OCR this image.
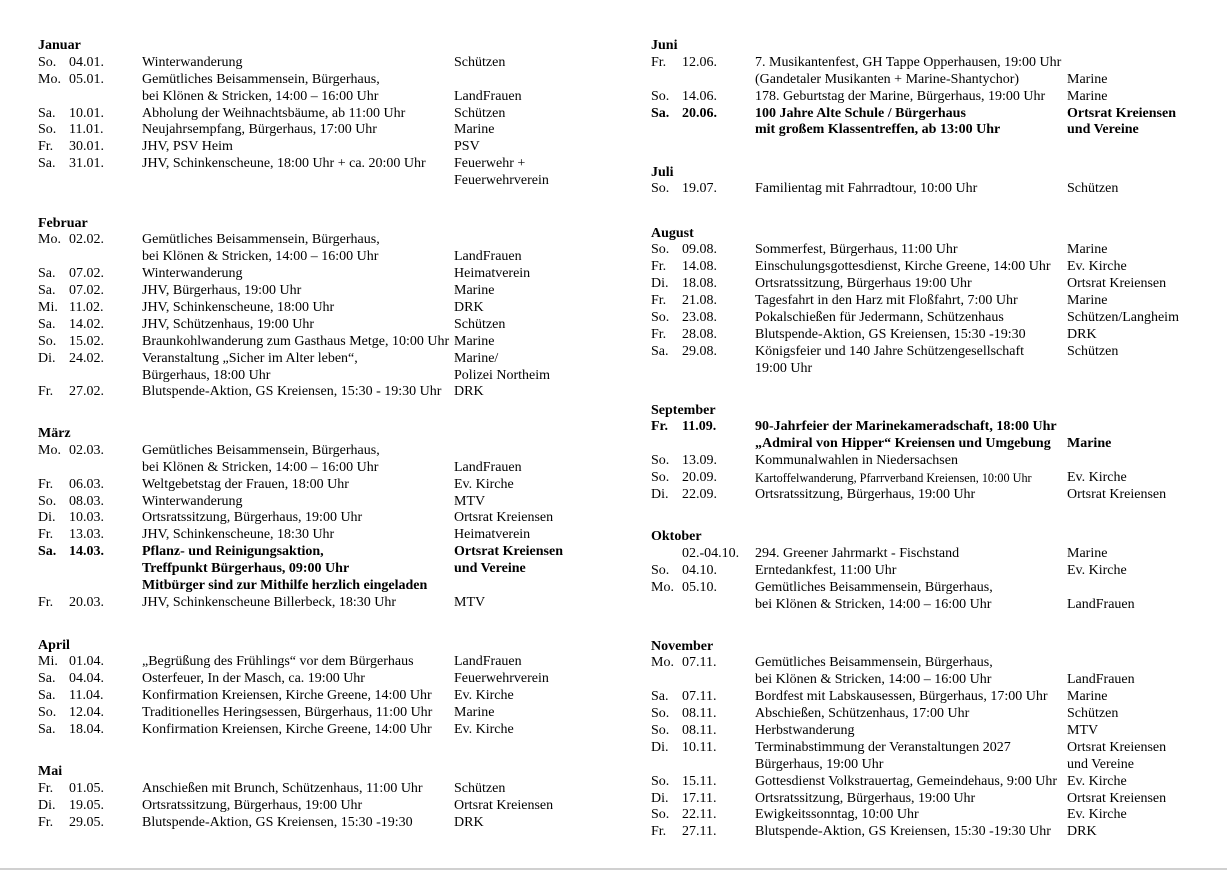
Januar
So. 04.01.	Winterwanderung	Schützen
Mo. 05.01.	Gemütliches Beisammensein, Bürgerhaus,
bei Klönen & Stricken, 14:00 – 16:00 Uhr	LandFrauen
Sa. 10.01.	Abholung der Weihnachtsbäume, ab 11:00 Uhr	Schützen
So. 11.01.	Neujahrsempfang, Bürgerhaus, 17:00 Uhr	Marine
Fr. 30.01.	JHV, PSV Heim	PSV
Sa. 31.01.	JHV, Schinkenscheune, 18:00 Uhr + ca. 20:00 Uhr Feuerwehr +
Feuerwehrverein
Februar
Mo. 02.02.	Gemütliches Beisammensein, Bürgerhaus,
bei Klönen & Stricken, 14:00 – 16:00 Uhr	LandFrauen
Sa. 07.02.	Winterwanderung	Heimatverein
Sa. 07.02.	JHV, Bürgerhaus, 19:00 Uhr	Marine
Mi. 11.02.	JHV, Schinkenscheune, 18:00 Uhr	DRK
Sa. 14.02.	JHV, Schützenhaus, 19:00 Uhr	Schützen
So. 15.02.	Braunkohlwanderung zum Gasthaus Metge, 10:00 Uhr Marine
Di. 24.02.	Veranstaltung „Sicher im Alter leben“,	Marine/
Bürgerhaus, 18:00 Uhr	Polizei Northeim
Fr. 27.02.	Blutspende-Aktion, GS Kreiensen, 15:30 - 19:30 Uhr DRK
März
Mo. 02.03.	Gemütliches Beisammensein, Bürgerhaus,
bei Klönen & Stricken, 14:00 – 16:00 Uhr	LandFrauen
Fr. 06.03.	Weltgebetstag der Frauen, 18:00 Uhr	Ev. Kirche
So. 08.03.	Winterwanderung	MTV
Di. 10.03.	Ortsratssitzung, Bürgerhaus, 19:00 Uhr	Ortsrat Kreiensen
Fr. 13.03.	JHV, Schinkenscheune, 18:30 Uhr	Heimatverein
Sa. 14.03.	Pflanz- und Reinigungsaktion,	Ortsrat Kreiensen
Treffpunkt Bürgerhaus, 09:00 Uhr	und Vereine
Mitbürger sind zur Mithilfe herzlich eingeladen
Fr. 20.03.	JHV, Schinkenscheune Billerbeck, 18:30 Uhr	MTV
April
Mi. 01.04.	„Begrüßung des Frühlings“ vor dem Bürgerhaus	LandFrauen
Sa. 04.04.	Osterfeuer, In der Masch, ca. 19:00 Uhr	Feuerwehrverein
Sa. 11.04.	Konfirmation Kreiensen, Kirche Greene, 14:00 Uhr Ev. Kirche
So. 12.04.	Traditionelles Heringsessen, Bürgerhaus, 11:00 Uhr Marine
Sa. 18.04.	Konfirmation Kreiensen, Kirche Greene, 14:00 Uhr Ev. Kirche
Mai
Fr. 01.05.	Anschießen mit Brunch, Schützenhaus, 11:00 Uhr Schützen
Di. 19.05.	Ortsratssitzung, Bürgerhaus, 19:00 Uhr	Ortsrat Kreiensen
Fr. 29.05.	Blutspende-Aktion, GS Kreiensen, 15:30 -19:30	DRK
Juni
Fr. 12.06.	7. Musikantenfest, GH Tappe Opperhausen, 19:00 Uhr
(Gandetaler Musikanten + Marine-Shantychor)	Marine
So. 14.06.	178. Geburtstag der Marine, Bürgerhaus, 19:00 Uhr Marine
Sa. 20.06.	100 Jahre Alte Schule / Bürgerhaus	Ortsrat Kreiensen
mit großem Klassentreffen, ab 13:00 Uhr	und Vereine
Juli
So. 19.07.	Familientag mit Fahrradtour, 10:00 Uhr	Schützen
August
So. 09.08.	Sommerfest, Bürgerhaus, 11:00 Uhr	Marine
Fr. 14.08.	Einschulungsgottesdienst, Kirche Greene, 14:00 Uhr Ev. Kirche
Di. 18.08.	Ortsratssitzung, Bürgerhaus 19:00 Uhr	Ortsrat Kreiensen
Fr. 21.08.	Tagesfahrt in den Harz mit Floßfahrt, 7:00 Uhr	Marine
So. 23.08.	Pokalschießen für Jedermann, Schützenhaus	Schützen/Langheim
Fr. 28.08.	Blutspende-Aktion, GS Kreiensen, 15:30 -19:30	DRK
Sa. 29.08.	Königsfeier und 140 Jahre Schützengesellschaft	Schützen
19:00 Uhr
September
Fr. 11.09.	90-Jahrfeier der Marinekameradschaft, 18:00 Uhr
„Admiral von Hipper“ Kreiensen und Umgebung Marine
So. 13.09.	Kommunalwahlen in Niedersachsen
So. 20.09.	Kartoffelwanderung, Pfarrverband Kreiensen, 10:00 Uhr	Ev. Kirche
Di. 22.09.	Ortsratssitzung, Bürgerhaus, 19:00 Uhr	Ortsrat Kreiensen
Oktober
02.-04.10. 294. Greener Jahrmarkt - Fischstand	Marine
So. 04.10.	Erntedankfest, 11:00 Uhr	Ev. Kirche
Mo. 05.10.	Gemütliches Beisammensein, Bürgerhaus,
bei Klönen & Stricken, 14:00 – 16:00 Uhr	LandFrauen
November
Mo. 07.11.	Gemütliches Beisammensein, Bürgerhaus,
bei Klönen & Stricken, 14:00 – 16:00 Uhr	LandFrauen
Sa. 07.11.	Bordfest mit Labskausessen, Bürgerhaus, 17:00 Uhr Marine
So. 08.11.	Abschießen, Schützenhaus, 17:00 Uhr	Schützen
So. 08.11.	Herbstwanderung	MTV
Di. 10.11.	Terminabstimmung der Veranstaltungen 2027	Ortsrat Kreiensen
Bürgerhaus, 19:00 Uhr	und Vereine
So. 15.11.	Gottesdienst Volkstrauertag, Gemeindehaus, 9:00 Uhr Ev. Kirche
Di. 17.11.	Ortsratssitzung, Bürgerhaus, 19:00 Uhr	Ortsrat Kreiensen
So. 22.11.	Ewigkeitssonntag, 10:00 Uhr	Ev. Kirche
Fr. 27.11.	Blutspende-Aktion, GS Kreiensen, 15:30 -19:30 Uhr DRK
